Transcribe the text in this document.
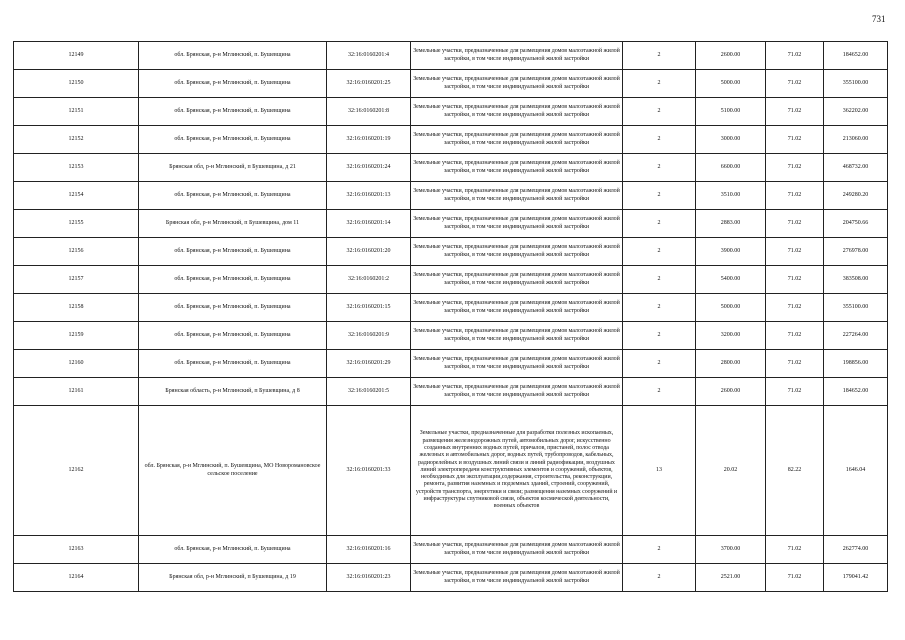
731
12149	обл. Брянская, р-н Мглинский, п. Бушевщина	32:16:0160201:4	Земельные участки, предназначенные для размещения домов малоэтажной жилой застройки, в том числе индивидуальной жилой застройки	2	2600.00	71.02	184652.00
12150	обл. Брянская, р-н Мглинский, п. Бушевщина	32:16:0160201:25	Земельные участки, предназначенные для размещения домов малоэтажной жилой застройки, в том числе индивидуальной жилой застройки	2	5000.00	71.02	355100.00
12151	обл. Брянская, р-н Мглинский, п. Бушевщина	32:16:0160201:8	Земельные участки, предназначенные для размещения домов малоэтажной жилой застройки, в том числе индивидуальной жилой застройки	2	5100.00	71.02	362202.00
12152	обл. Брянская, р-н Мглинский, п. Бушевщина	32:16:0160201:19	Земельные участки, предназначенные для размещения домов малоэтажной жилой застройки, в том числе индивидуальной жилой застройки	2	3000.00	71.02	213060.00
12153	Брянская обл, р-н Мглинский, п Бушевщина, д 21	32:16:0160201:24	Земельные участки, предназначенные для размещения домов малоэтажной жилой застройки, в том числе индивидуальной жилой застройки	2	6600.00	71.02	468732.00
12154	обл. Брянская, р-н Мглинский, п. Бушевщина	32:16:0160201:13	Земельные участки, предназначенные для размещения домов малоэтажной жилой застройки, в том числе индивидуальной жилой застройки	2	3510.00	71.02	249280.20
12155	Брянская обл, р-н Мглинский, п Бушевщина, дом 11	32:16:0160201:14	Земельные участки, предназначенные для размещения домов малоэтажной жилой застройки, в том числе индивидуальной жилой застройки	2	2883.00	71.02	204750.66
12156	обл. Брянская, р-н Мглинский, п. Бушевщина	32:16:0160201:20	Земельные участки, предназначенные для размещения домов малоэтажной жилой застройки, в том числе индивидуальной жилой застройки	2	3900.00	71.02	276978.00
12157	обл. Брянская, р-н Мглинский, п. Бушевщина	32:16:0160201:2	Земельные участки, предназначенные для размещения домов малоэтажной жилой застройки, в том числе индивидуальной жилой застройки	2	5400.00	71.02	383508.00
12158	обл. Брянская, р-н Мглинский, п. Бушевщина	32:16:0160201:15	Земельные участки, предназначенные для размещения домов малоэтажной жилой застройки, в том числе индивидуальной жилой застройки	2	5000.00	71.02	355100.00
12159	обл. Брянская, р-н Мглинский, п. Бушевщина	32:16:0160201:9	Земельные участки, предназначенные для размещения домов малоэтажной жилой застройки, в том числе индивидуальной жилой застройки	2	3200.00	71.02	227264.00
12160	обл. Брянская, р-н Мглинский, п. Бушевщина	32:16:0160201:29	Земельные участки, предназначенные для размещения домов малоэтажной жилой застройки, в том числе индивидуальной жилой застройки	2	2800.00	71.02	198856.00
12161	Брянская область, р-н Мглинский, п Бушевщина, д 8	32:16:0160201:5	Земельные участки, предназначенные для размещения домов малоэтажной жилой застройки, в том числе индивидуальной жилой застройки	2	2600.00	71.02	184652.00
12162	обл. Брянская, р-н Мглинский, п. Бушевщина, МО Новоромановское сельское поселение	32:16:0160201:33	Земельные участки, предназначенные для разработки полезных ископаемых, размещения железнодорожных путей, автомобильных дорог, искусственно созданных внутренних водных путей, причалов, пристаней, полос отвода железных и автомобильных дорог, водных путей, трубопроводов, кабельных, радиорелейных и воздушных линий связи и линий радиофикации, воздушных линий электропередачи конструктивных элементов и сооружений, объектов, необходимых для эксплуатации,содержания, строительства, реконструкции, ремонта, развития наземных и подземных зданий, строений, сооружений, устройств транспорта, энергетики и связи; размещения наземных сооружений и инфраструктуры спутниковой связи, объектов космической деятельности, военных объектов	13	20.02	82.22	1646.04
12163	обл. Брянская, р-н Мглинский, п. Бушевщина	32:16:0160201:16	Земельные участки, предназначенные для размещения домов малоэтажной жилой застройки, в том числе индивидуальной жилой застройки	2	3700.00	71.02	262774.00
12164	Брянская обл, р-н Мглинский, п Бушевщина, д 19	32:16:0160201:23	Земельные участки, предназначенные для размещения домов малоэтажной жилой застройки, в том числе индивидуальной жилой застройки	2	2521.00	71.02	179041.42
